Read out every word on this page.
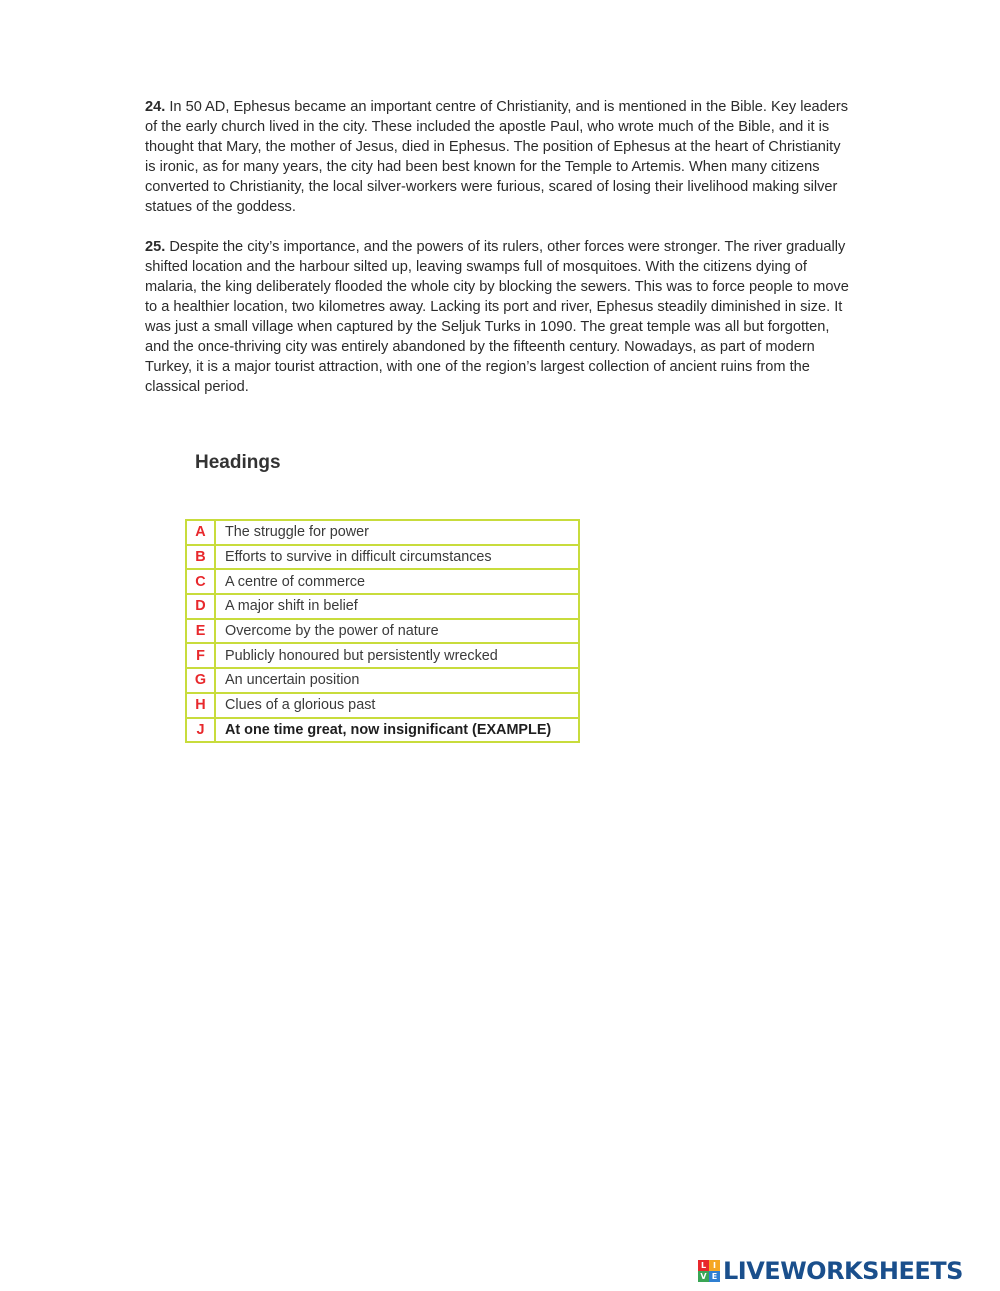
24. In 50 AD, Ephesus became an important centre of Christianity, and is mentioned in the Bible. Key leaders of the early church lived in the city. These included the apostle Paul, who wrote much of the Bible, and it is thought that Mary, the mother of Jesus, died in Ephesus. The position of Ephesus at the heart of Christianity is ironic, as for many years, the city had been best known for the Temple to Artemis. When many citizens converted to Christianity, the local silver-workers were furious, scared of losing their livelihood making silver statues of the goddess.

25. Despite the city’s importance, and the powers of its rulers, other forces were stronger. The river gradually shifted location and the harbour silted up, leaving swamps full of mosquitoes. With the citizens dying of malaria, the king deliberately flooded the whole city by blocking the sewers. This was to force people to move to a healthier location, two kilometres away. Lacking its port and river, Ephesus steadily diminished in size. It was just a small village when captured by the Seljuk Turks in 1090. The great temple was all but forgotten, and the once-thriving city was entirely abandoned by the fifteenth century. Nowadays, as part of modern Turkey, it is a major tourist attraction, with one of the region’s largest collection of ancient ruins from the classical period.

Headings
A	The struggle for power
B	Efforts to survive in difficult circumstances
C	A centre of commerce
D	A major shift in belief
E	Overcome by the power of nature
F	Publicly honoured but persistently wrecked
G	An uncertain position
H	Clues of a glorious past
J	At one time great, now insignificant (EXAMPLE)
L I
V E LIVEWORKSHEETS
